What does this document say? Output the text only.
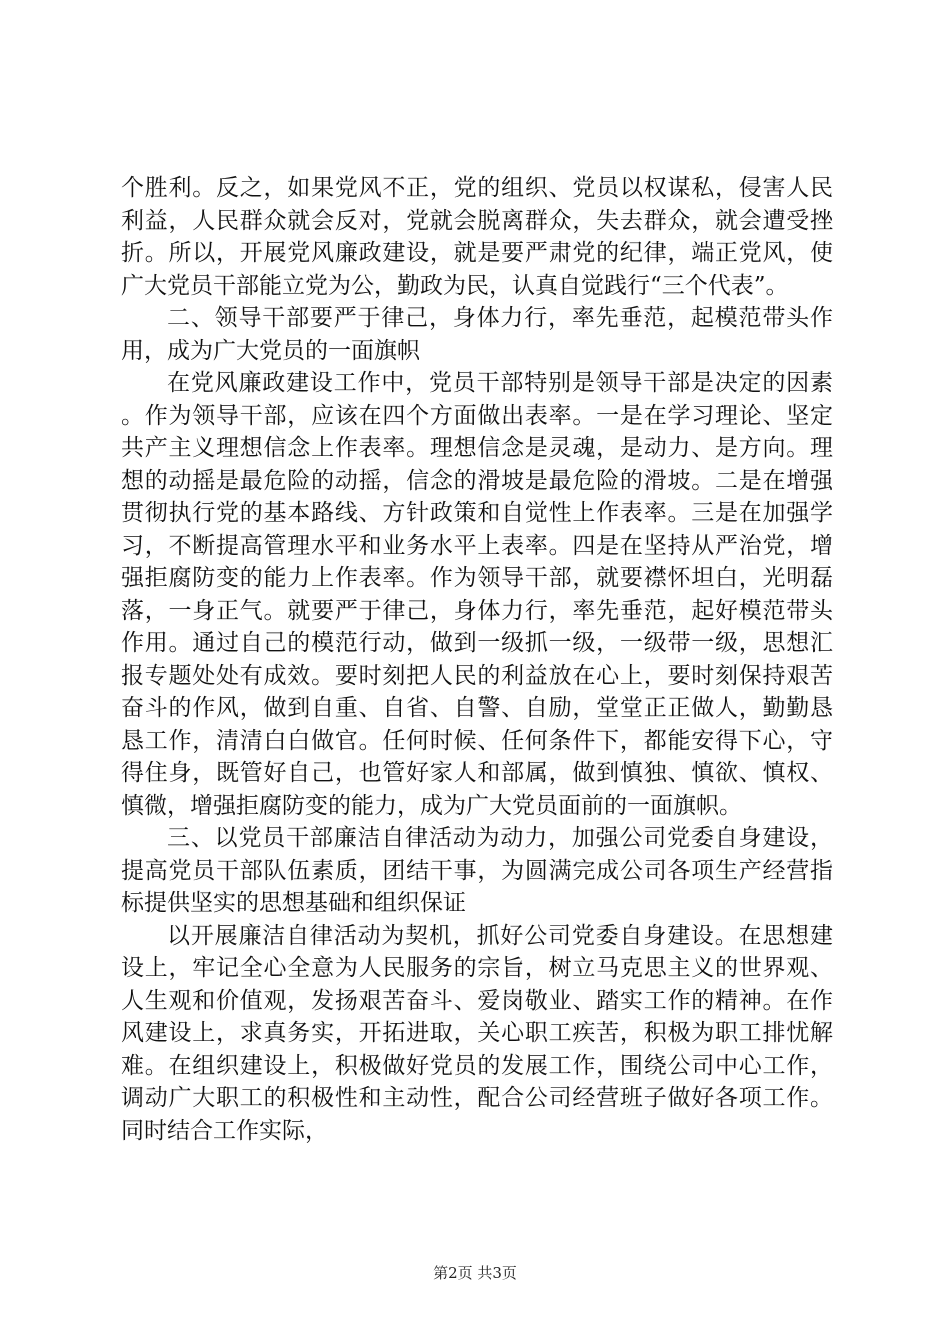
个胜利。反之，如果党风不正，党的组织、党员以权谋私，侵害人民利益，人民群众就会反对，党就会脱离群众，失去群众，就会遭受挫折。所以，开展党风廉政建设，就是要严肃党的纪律，端正党风，使广大党员干部能立党为公，勤政为民，认真自觉践行“三个代表”。

二、领导干部要严于律己，身体力行，率先垂范，起模范带头作用，成为广大党员的一面旗帜

在党风廉政建设工作中，党员干部特别是领导干部是决定的因素。作为领导干部，应该在四个方面做出表率。一是在学习理论、坚定共产主义理想信念上作表率。理想信念是灵魂，是动力、是方向。理想的动摇是最危险的动摇，信念的滑坡是最危险的滑坡。二是在增强贯彻执行党的基本路线、方针政策和自觉性上作表率。三是在加强学习，不断提高管理水平和业务水平上表率。四是在坚持从严治党，增强拒腐防变的能力上作表率。作为领导干部，就要襟怀坦白，光明磊落，一身正气。就要严于律己，身体力行，率先垂范，起好模范带头作用。通过自己的模范行动，做到一级抓一级，一级带一级，思想汇报专题处处有成效。要时刻把人民的利益放在心上，要时刻保持艰苦奋斗的作风，做到自重、自省、自警、自励，堂堂正正做人，勤勤恳恳工作，清清白白做官。任何时候、任何条件下，都能安得下心，守得住身，既管好自己，也管好家人和部属，做到慎独、慎欲、慎权、慎微，增强拒腐防变的能力，成为广大党员面前的一面旗帜。

三、以党员干部廉洁自律活动为动力，加强公司党委自身建设，提高党员干部队伍素质，团结干事，为圆满完成公司各项生产经营指标提供坚实的思想基础和组织保证

以开展廉洁自律活动为契机，抓好公司党委自身建设。在思想建设上，牢记全心全意为人民服务的宗旨，树立马克思主义的世界观、人生观和价值观，发扬艰苦奋斗、爱岗敬业、踏实工作的精神。在作风建设上，求真务实，开拓进取，关心职工疾苦，积极为职工排忧解难。在组织建设上，积极做好党员的发展工作，围绕公司中心工作，调动广大职工的积极性和主动性，配合公司经营班子做好各项工作。同时结合工作实际，

第2页 共3页
